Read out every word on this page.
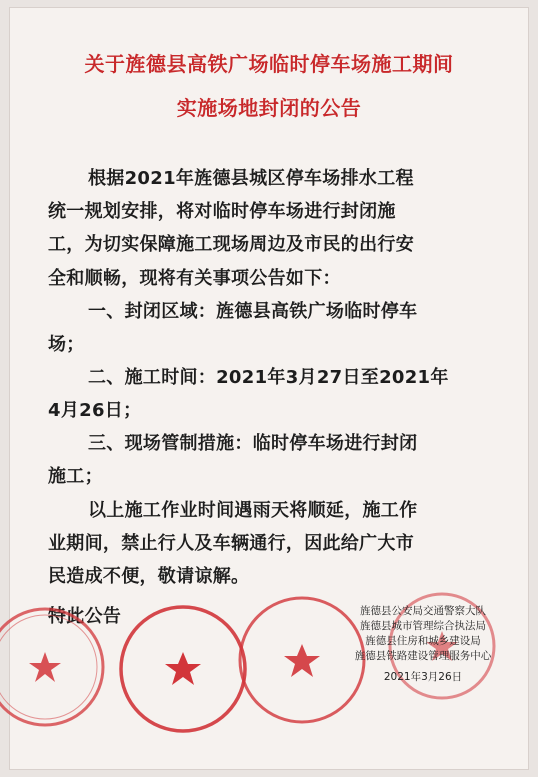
关于旌德县高铁广场临时停车场施工期间
实施场地封闭的公告
根据2021年旌德县城区停车场排水工程
统一规划安排，将对临时停车场进行封闭施
工，为切实保障施工现场周边及市民的出行安
全和顺畅，现将有关事项公告如下：
一、封闭区域：旌德县高铁广场临时停车
场；
二、施工时间：2021年3月27日至2021年
4月26日；
三、现场管制措施：临时停车场进行封闭
施工；
以上施工作业时间遇雨天将顺延，施工作
业期间，禁止行人及车辆通行，因此给广大市
民造成不便，敬请谅解。
特此公告	旌德县公安局交通警察大队
旌德县城市管理综合执法局
旌德县住房和城乡建设局
旌德县铁路建设管理服务中心
2021年3月26日
